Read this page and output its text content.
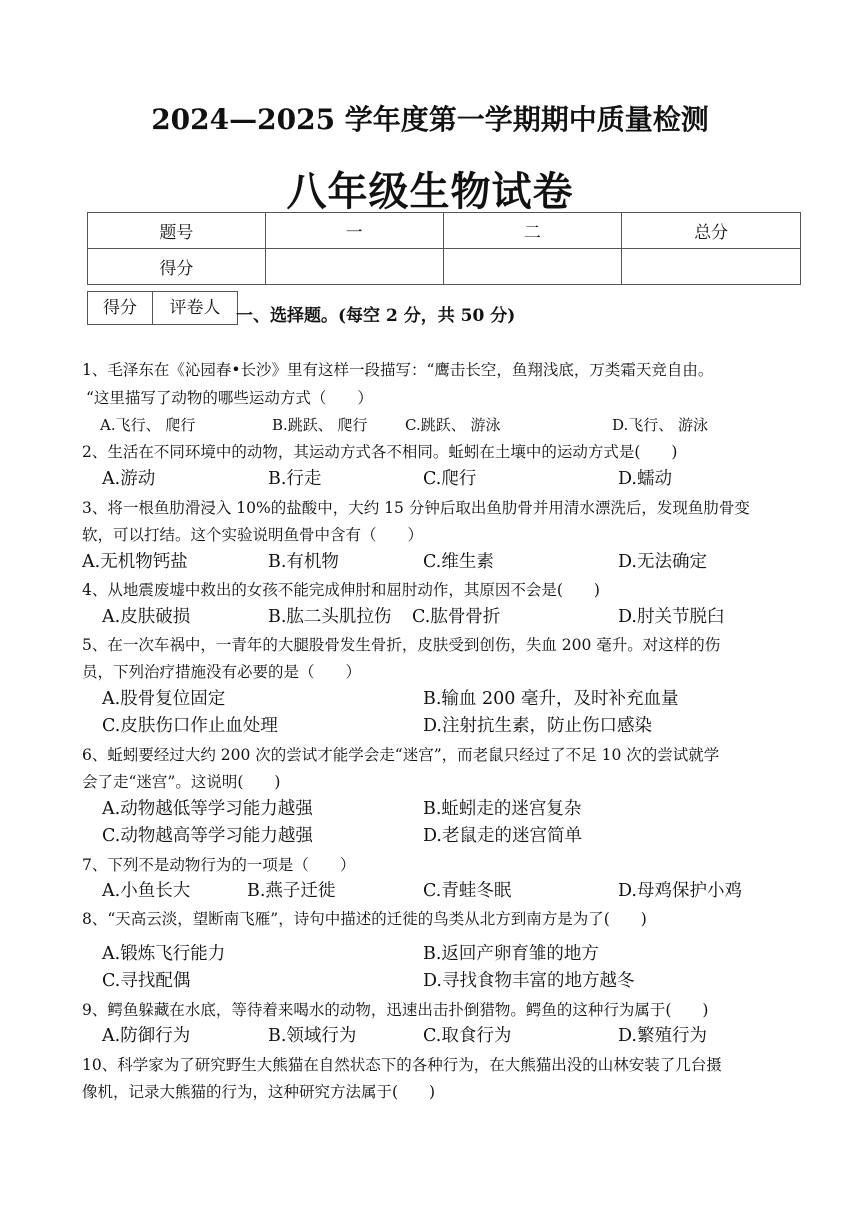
2024—2025 学年度第一学期期中质量检测
八年级生物试卷
题号	一	二	总分
得分			
得分	评卷人 一、选择题。(每空 2 分，共 50 分)
1、毛泽东在《沁园春•长沙》里有这样一段描写：“鹰击长空，鱼翔浅底，万类霜天竞自由。
“这里描写了动物的哪些运动方式（　　）
A.飞行、 爬行	B.跳跃、 爬行 C.跳跃、 游泳	D.飞行、 游泳
2、生活在不同环境中的动物，其运动方式各不相同。蚯蚓在土壤中的运动方式是(　　)
A.游动	B.行走	C.爬行	D.蠕动
3、将一根鱼肋滑浸入 10%的盐酸中，大约 15 分钟后取出鱼肋骨并用清水漂洗后，发现鱼肋骨变
软，可以打结。这个实验说明鱼骨中含有（　　）
A.无机物钙盐	B.有机物	C.维生素	D.无法确定
4、从地震废墟中救出的女孩不能完成伸肘和屈肘动作，其原因不会是(　　)
A.皮肤破损	B.肱二头肌拉伤 C.肱骨骨折	D.肘关节脱臼
5、在一次车祸中，一青年的大腿股骨发生骨折，皮肤受到创伤，失血 200 毫升。对这样的伤
员，下列治疗措施没有必要的是（　　）
A.股骨复位固定	B.输血 200 毫升，及时补充血量
C.皮肤伤口作止血处理	D.注射抗生素，防止伤口感染
6、蚯蚓要经过大约 200 次的尝试才能学会走“迷宫”，而老鼠只经过了不足 10 次的尝试就学
会了走“迷宫”。这说明(　　)
A.动物越低等学习能力越强	B.蚯蚓走的迷宫复杂
C.动物越高等学习能力越强	D.老鼠走的迷宫简单
7、下列不是动物行为的一项是（　　）
A.小鱼长大	B.燕子迁徙	C.青蛙冬眠	D.母鸡保护小鸡
8、“天高云淡，望断南飞雁”，诗句中描述的迁徙的鸟类从北方到南方是为了(　　)
A.锻炼飞行能力	B.返回产卵育雏的地方
C.寻找配偶	D.寻找食物丰富的地方越冬
9、鳄鱼躲藏在水底，等待着来喝水的动物，迅速出击扑倒猎物。鳄鱼的这种行为属于(　　)
A.防御行为	B.领域行为	C.取食行为	D.繁殖行为
10、科学家为了研究野生大熊猫在自然状态下的各种行为，在大熊猫出没的山林安装了几台摄
像机，记录大熊猫的行为，这种研究方法属于(　　)
